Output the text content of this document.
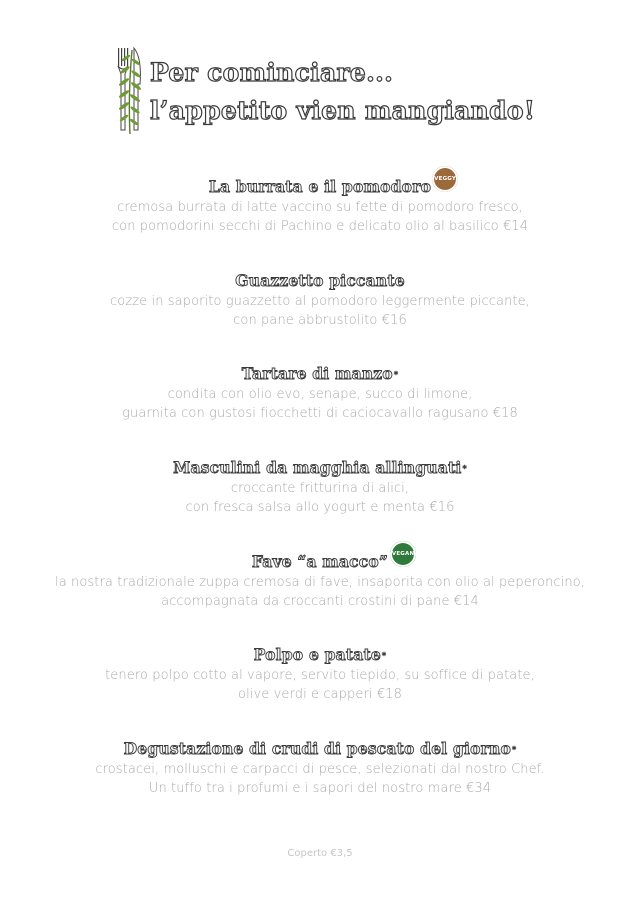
Per cominciare...
l’appetito vien mangiando!
La burrata e il pomodoro VEGGY
cremosa burrata di latte vaccino su fette di pomodoro fresco,
con pomodorini secchi di Pachino e delicato olio al basilico €14
Guazzetto piccante
cozze in saporito guazzetto al pomodoro leggermente piccante,
con pane abbrustolito €16
Tartare di manzo*
condita con olio evo, senape, succo di limone,
guarnita con gustosi fiocchetti di caciocavallo ragusano €18
Masculini da magghia allinguati*
croccante fritturina di alici,
con fresca salsa allo yogurt e menta €16
Fave “a macco” VEGAN
la nostra tradizionale zuppa cremosa di fave, insaporita con olio al peperoncino,
accompagnata da croccanti crostini di pane €14
Polpo e patate*
tenero polpo cotto al vapore, servito tiepido, su soffice di patate,
olive verdi e capperi €18
Degustazione di crudi di pescato del giorno*
crostacei, molluschi e carpacci di pesce, selezionati dal nostro Chef.
Un tuffo tra i profumi e i sapori del nostro mare €34
Coperto €3,5
